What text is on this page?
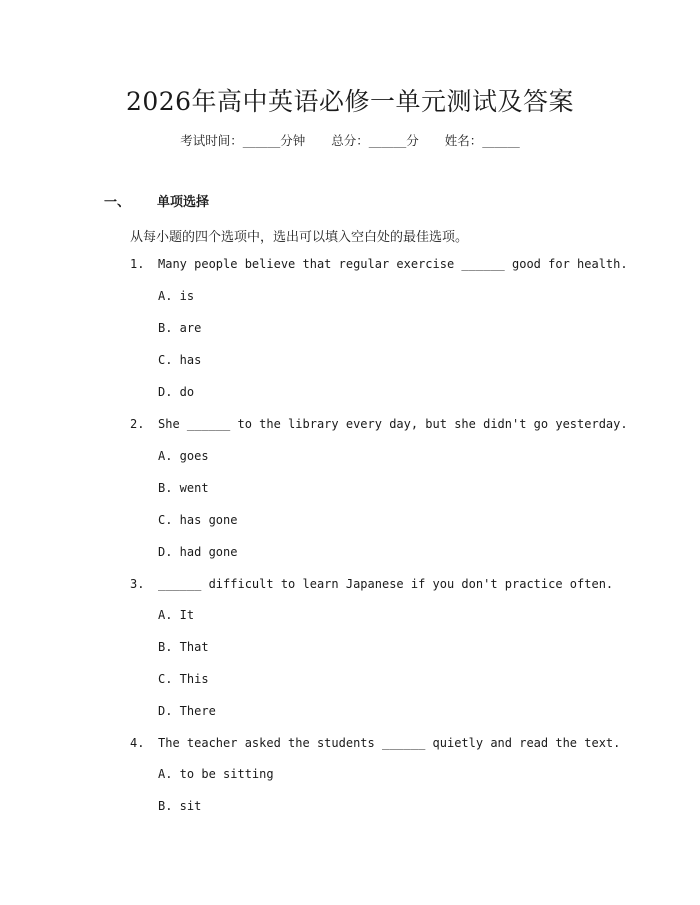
2026年高中英语必修一单元测试及答案
考试时间：______分钟 总分：______分 姓名：______
一、 单项选择
从每小题的四个选项中，选出可以填入空白处的最佳选项。
1. Many people believe that regular exercise ______ good for health.
A. is
B. are
C. has
D. do
2. She ______ to the library every day, but she didn't go yesterday.
A. goes
B. went
C. has gone
D. had gone
3. ______ difficult to learn Japanese if you don't practice often.
A. It
B. That
C. This
D. There
4. The teacher asked the students ______ quietly and read the text.
A. to be sitting
B. sit
